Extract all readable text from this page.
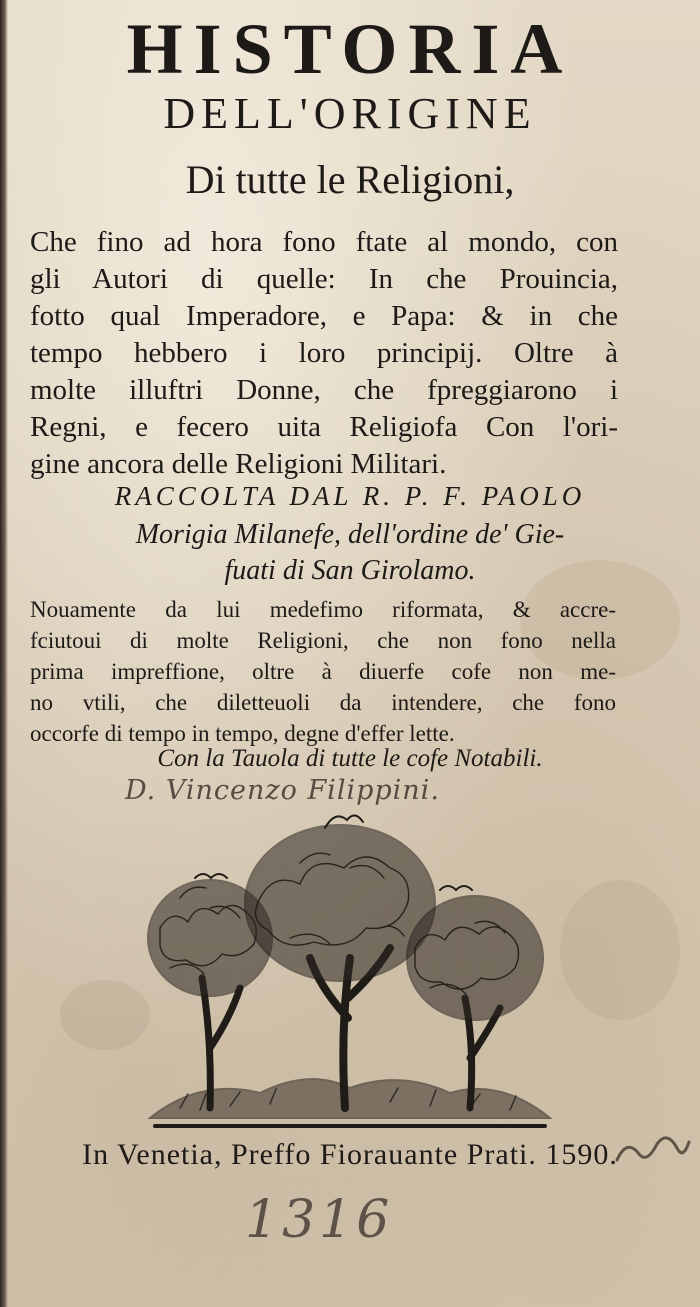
HISTORIA
DELL'ORIGINE
Di tutte le Religioni,
Che fino ad hora fono ftate al mondo, con
gli Autori di quelle: In che Prouincia,
fotto qual Imperadore, e Papa: & in che
tempo hebbero i loro principij. Oltre à
molte illuftri Donne, che fpreggiarono i
Regni, e fecero uita Religiofa Con l'ori-
gine ancora delle Religioni Militari.
RACCOLTA DAL R. P. F. PAOLO
Morigia Milanefe, dell'ordine de' Gie-
fuati di San Girolamo.
Nouamente da lui medefimo riformata, & accre-
fciutoui di molte Religioni, che non fono nella
prima impreffione, oltre à diuerfe cofe non me-
no vtili, che diletteuoli da intendere, che fono
occorfe di tempo in tempo, degne d'effer lette.
Con la Tauola di tutte le cofe Notabili.
D. Vincenzo Filippini.
In Venetia, Preffo Fiorauante Prati. 1590.
1316
